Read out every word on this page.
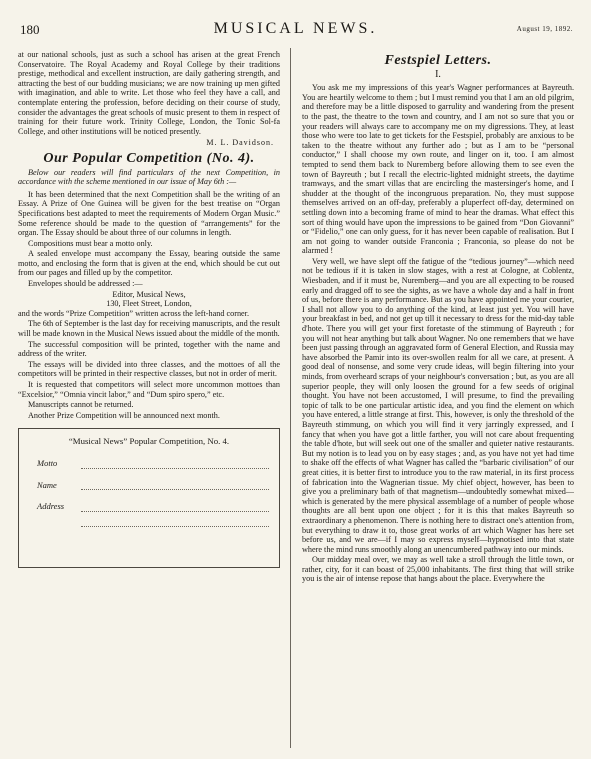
180	MUSICAL NEWS.	August 19, 1892.

at our national schools, just as such a school has arisen at the great French Conservatoire. The Royal Academy and Royal College by their traditions prestige, methodical and excellent instruction, are daily gathering strength, and attracting the best of our budding musicians; we are now training up men gifted with imagination, and able to write. Let those who feel they have a call, and contemplate entering the profession, before deciding on their course of study, consider the advantages the great schools of music present to them in respect of training for their future work. Trinity College, London, the Tonic Sol-fa College, and other institutions will be noticed presently.

M. L. Davidson.
Our Popular Competition (No. 4).

Below our readers will find particulars of the next Competition, in accordance with the scheme mentioned in our issue of May 6th :—

It has been determined that the next Competition shall be the writing of an Essay. A Prize of One Guinea will be given for the best treatise on “Organ Specifications best adapted to meet the requirements of Modern Organ Music.” Some reference should be made to the question of “arrangements” for the organ. The Essay should be about three of our columns in length.

Compositions must bear a motto only.

A sealed envelope must accompany the Essay, bearing outside the same motto, and enclosing the form that is given at the end, which should be cut out from our pages and filled up by the competitor.

Envelopes should be addressed :—

Editor, Musical News,

130, Fleet Street, London,

and the words “Prize Competition” written across the left-hand corner.

The 6th of September is the last day for receiving manuscripts, and the result will be made known in the Musical News issued about the middle of the month.

The successful composition will be printed, together with the name and address of the writer.

The essays will be divided into three classes, and the mottoes of all the competitors will be printed in their respective classes, but not in order of merit.

It is requested that competitors will select more uncommon mottoes than “Excelsior,” “Omnia vincit labor,” and “Dum spiro spero,” etc.

Manuscripts cannot be returned.

Another Prize Competition will be announced next month.

“Musical News” Popular Competition, No. 4.
Motto
Name
Address
Festspiel Letters.

I.

You ask me my impressions of this year's Wagner performances at Bayreuth. You are heartily welcome to them ; but I must remind you that I am an old pilgrim, and therefore may be a little disposed to garrulity and wandering from the present to the past, the theatre to the town and country, and I am not so sure that you or your readers will always care to accompany me on my digressions. They, at least those who were too late to get tickets for the Festspiel, probably are anxious to be taken to the theatre without any further ado ; but as I am to be “personal conductor,” I shall choose my own route, and linger on it, too. I am almost tempted to send them back to Nuremberg before allowing them to see even the town of Bayreuth ; but I recall the electric-lighted midnight streets, the daytime tramways, and the smart villas that are encircling the mastersinger's home, and I shudder at the thought of the incongruous preparation. No, they must suppose themselves arrived on an off-day, preferably a pluperfect off-day, determined on settling down into a becoming frame of mind to hear the dramas. What effect this sort of thing would have upon the impressions to be gained from “Don Giovanni” or “Fidelio,” one can only guess, for it has never been capable of realisation. But I am not going to wander outside Franconia ; Franconia, so please do not be alarmed !

Very well, we have slept off the fatigue of the “tedious journey”—which need not be tedious if it is taken in slow stages, with a rest at Cologne, at Coblentz, Wiesbaden, and if it must be, Nuremberg—and you are all expecting to be roused early and dragged off to see the sights, as we have a whole day and a half in front of us, before there is any performance. But as you have appointed me your courier, I shall not allow you to do anything of the kind, at least just yet. You will have your breakfast in bed, and not get up till it necessary to dress for the mid-day table d'hote. There you will get your first foretaste of the stimmung of Bayreuth ; for you will not hear anything but talk about Wagner. No one remembers that we have been just passing through an aggravated form of General Election, and Russia may have absorbed the Pamir into its over-swollen realm for all we care, at present. A good deal of nonsense, and some very crude ideas, will begin filtering into your minds, from overheard scraps of your neighbour's conversation ; but, as you are all superior people, they will only loosen the ground for a few seeds of original thought. You have not been accustomed, I will presume, to find the prevailing topic of talk to be one particular artistic idea, and you find the element on which you have entered, a little strange at first. This, however, is only the threshold of the Bayreuth stimmung, on which you will find it very jarringly expressed, and I fancy that when you have got a little farther, you will not care about frequenting the table d'hote, but will seek out one of the smaller and quieter native restaurants. But my notion is to lead you on by easy stages ; and, as you have not yet had time to shake off the effects of what Wagner has called the “barbaric civilisation” of our great cities, it is better first to introduce you to the raw material, in its first process of fabrication into the Wagnerian tissue. My chief object, however, has been to give you a preliminary bath of that magnetism—undoubtedly somewhat mixed—which is generated by the mere physical assemblage of a number of people whose thoughts are all bent upon one object ; for it is this that makes Bayreuth so extraordinary a phenomenon. There is nothing here to distract one's attention from, but everything to draw it to, those great works of art which Wagner has here set before us, and we are—if I may so express myself—hypnotised into that state where the mind runs smoothly along an unencumbered pathway into our minds.

Our midday meal over, we may as well take a stroll through the little town, or rather, city, for it can boast of 25,000 inhabitants. The first thing that will strike you is the air of intense repose that hangs about the place. Everywhere the
